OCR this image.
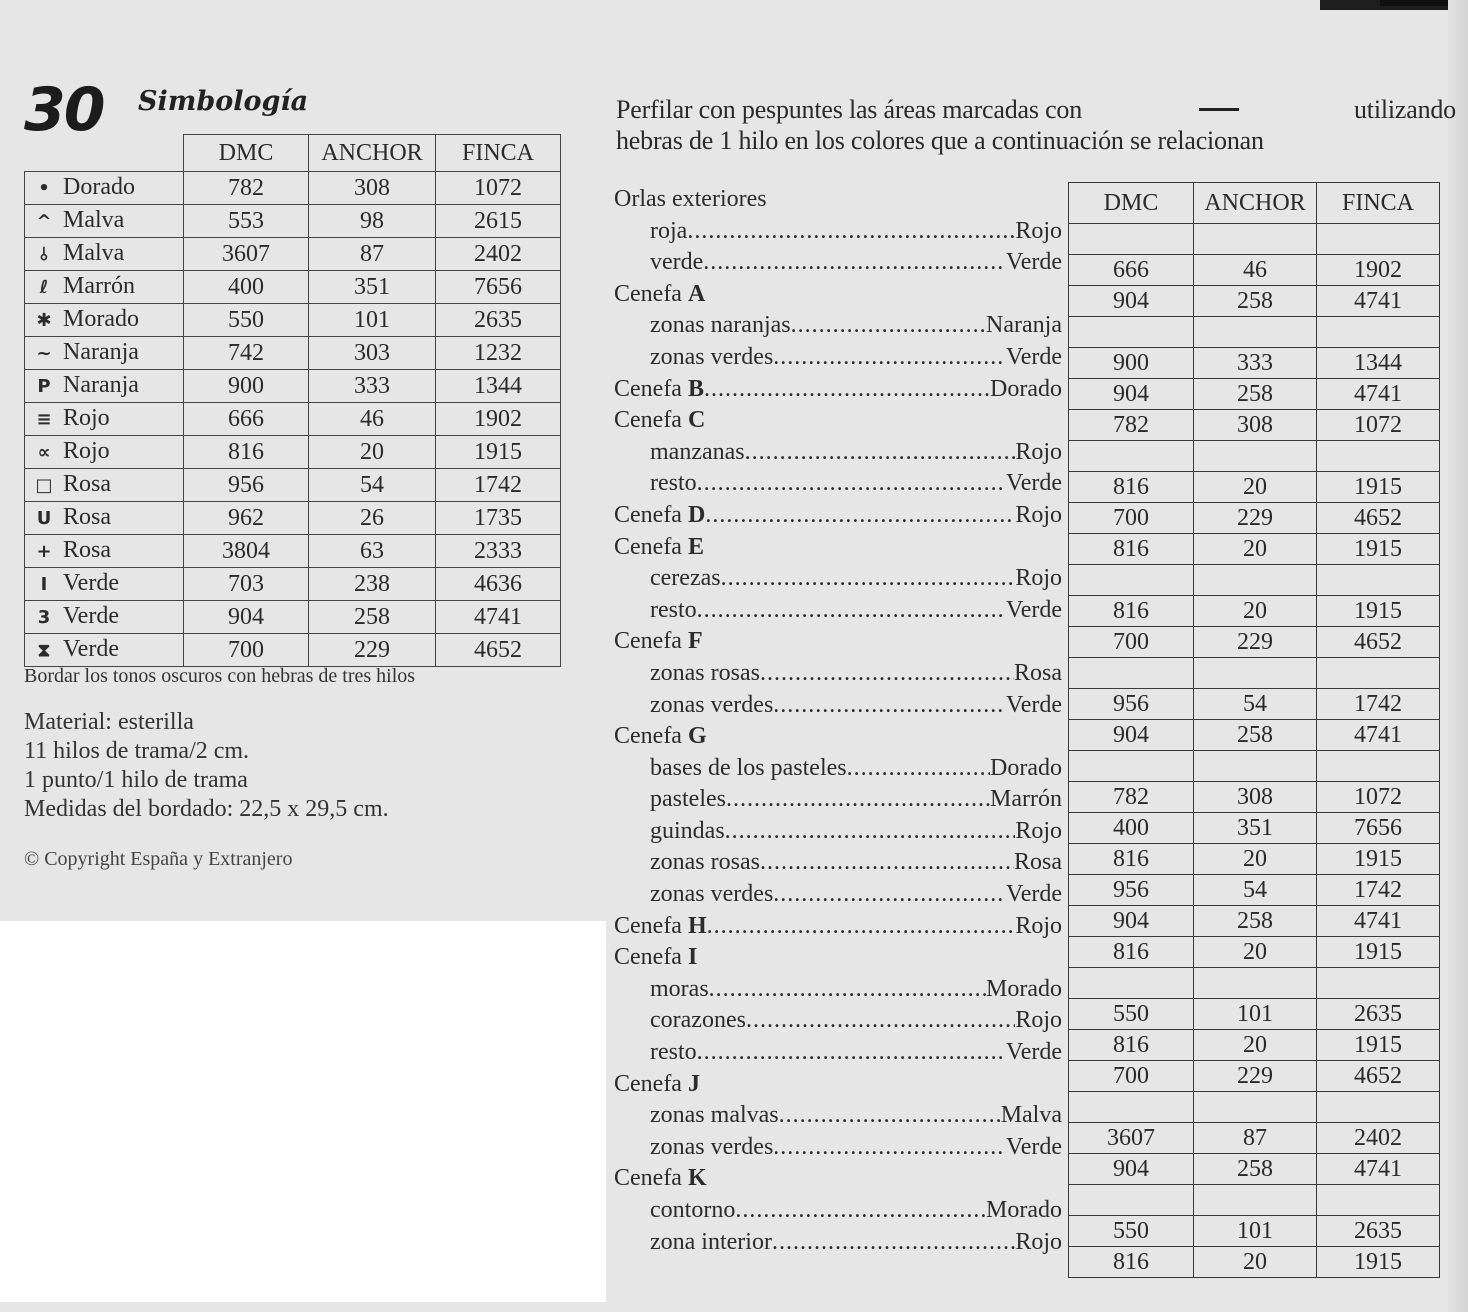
30 Simbología
	DMC	ANCHOR	FINCA
• Dorado	782	308	1072
^ Malva	553	98	2615
⫰ Malva	3607	87	2402
ℓ Marrón	400	351	7656
✱ Morado	550	101	2635
~ Naranja	742	303	1232
P Naranja	900	333	1344
≡ Rojo	666	46	1902
∝ Rojo	816	20	1915
□ Rosa	956	54	1742
U Rosa	962	26	1735
+ Rosa	3804	63	2333
I Verde	703	238	4636
3 Verde	904	258	4741
⧗ Verde	700	229	4652
Bordar los tonos oscuros con hebras de tres hilos
Material: esterilla
11 hilos de trama/2 cm.
1 punto/1 hilo de trama
Medidas del bordado: 22,5 x 29,5 cm.
© Copyright España y Extranjero
Perfilar con pespuntes las áreas marcadas con	utilizando
hebras de 1 hilo en los colores que a continuación se relacionan
Orlas exteriores
roja .....	Rojo
verde .....	Verde
Cenefa A
zonas naranjas .....	Naranja
zonas verdes .....	Verde
Cenefa B .....	Dorado
Cenefa C
manzanas .....	Rojo
resto .....	Verde
Cenefa D .....	Rojo
Cenefa E
cerezas .....	Rojo
resto .....	Verde
Cenefa F
zonas rosas .....	Rosa
zonas verdes .....	Verde
Cenefa G
bases de los pasteles .....	Dorado
pasteles .....	Marrón
guindas .....	Rojo
zonas rosas .....	Rosa
zonas verdes .....	Verde
Cenefa H .....	Rojo
Cenefa I
moras .....	Morado
corazones .....	Rojo
resto .....	Verde
Cenefa J
zonas malvas .....	Malva
zonas verdes .....	Verde
Cenefa K
contorno .....	Morado
zona interior .....	Rojo
DMC	ANCHOR	FINCA

666	46	1902
904	258	4741

900	333	1344
904	258	4741
782	308	1072

816	20	1915
700	229	4652
816	20	1915

816	20	1915
700	229	4652

956	54	1742
904	258	4741

782	308	1072
400	351	7656
816	20	1915
956	54	1742
904	258	4741
816	20	1915

550	101	2635
816	20	1915
700	229	4652

3607	87	2402
904	258	4741

550	101	2635
816	20	1915
